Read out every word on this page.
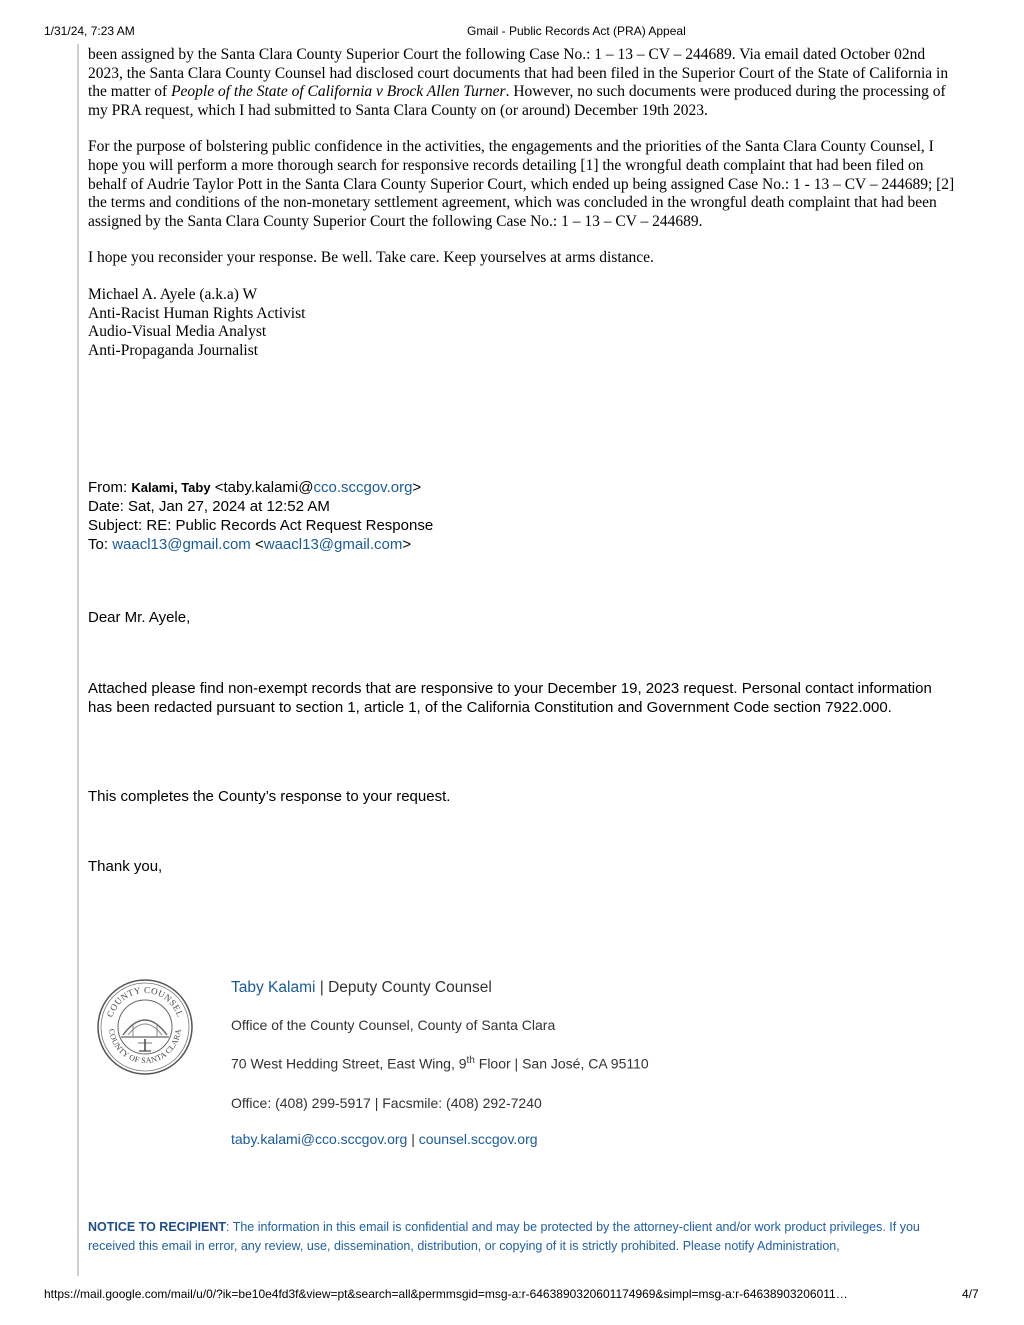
1/31/24, 7:23 AM	Gmail - Public Records Act (PRA) Appeal

been assigned by the Santa Clara County Superior Court the following Case No.: 1 – 13 – CV – 244689. Via email dated October 02nd 2023, the Santa Clara County Counsel had disclosed court documents that had been filed in the Superior Court of the State of California in the matter of People of the State of California v Brock Allen Turner. However, no such documents were produced during the processing of my PRA request, which I had submitted to Santa Clara County on (or around) December 19th 2023.

For the purpose of bolstering public confidence in the activities, the engagements and the priorities of the Santa Clara County Counsel, I hope you will perform a more thorough search for responsive records detailing [1] the wrongful death complaint that had been filed on behalf of Audrie Taylor Pott in the Santa Clara County Superior Court, which ended up being assigned Case No.: 1 - 13 – CV – 244689; [2] the terms and conditions of the non-monetary settlement agreement, which was concluded in the wrongful death complaint that had been assigned by the Santa Clara County Superior Court the following Case No.: 1 – 13 – CV – 244689.

I hope you reconsider your response. Be well. Take care. Keep yourselves at arms distance.

Michael A. Ayele (a.k.a) W
Anti-Racist Human Rights Activist
Audio-Visual Media Analyst
Anti-Propaganda Journalist

From: Kalami, Taby <taby.kalami@cco.sccgov.org>
Date: Sat, Jan 27, 2024 at 12:52 AM
Subject: RE: Public Records Act Request Response
To: waacl13@gmail.com <waacl13@gmail.com>
Dear Mr. Ayele,
Attached please find non-exempt records that are responsive to your December 19, 2023 request. Personal contact information has been redacted pursuant to section 1, article 1, of the California Constitution and Government Code section 7922.000.
This completes the County’s response to your request.
Thank you,
COUNTY COUNSEL
COUNTY OF SANTA CLARA
Taby Kalami | Deputy County Counsel
Office of the County Counsel, County of Santa Clara
70 West Hedding Street, East Wing, 9th Floor | San José, CA 95110
Office: (408) 299-5917 | Facsmile: (408) 292-7240
taby.kalami@cco.sccgov.org | counsel.sccgov.org
NOTICE TO RECIPIENT: The information in this email is confidential and may be protected by the attorney-client and/or work product privileges. If you received this email in error, any review, use, dissemination, distribution, or copying of it is strictly prohibited. Please notify Administration,
https://mail.google.com/mail/u/0/?ik=be10e4fd3f&view=pt&search=all&permmsgid=msg-a:r-6463890320601174969&simpl=msg-a:r-64638903206011…	4/7
